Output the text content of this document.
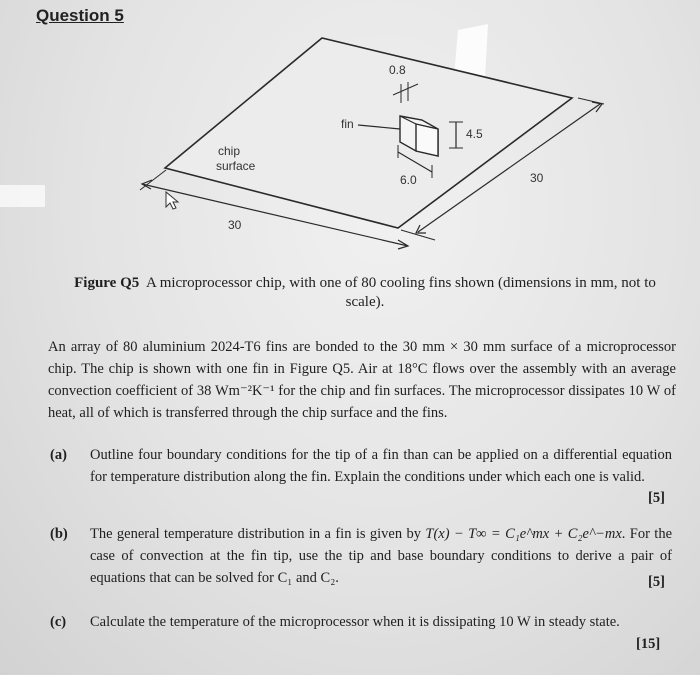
Question 5
0.8
4.5
6.0
fin
chip
surface
30
30
Figure Q5 A microprocessor chip, with one of 80 cooling fins shown (dimensions in mm, not to scale).
An array of 80 aluminium 2024-T6 fins are bonded to the 30 mm × 30 mm surface of a microprocessor chip. The chip is shown with one fin in Figure Q5. Air at 18°C flows over the assembly with an average convection coefficient of 38 Wm⁻²K⁻¹ for the chip and fin surfaces. The microprocessor dissipates 10 W of heat, all of which is transferred through the chip surface and the fins.
(a) Outline four boundary conditions for the tip of a fin than can be applied on a differential equation for temperature distribution along the fin. Explain the conditions under which each one is valid.
[5]
(b) The general temperature distribution in a fin is given by T(x) − T∞ = C₁e^mx + C₂e^−mx. For the case of convection at the fin tip, use the tip and base boundary conditions to derive a pair of equations that can be solved for C₁ and C₂.	[5]
(c) Calculate the temperature of the microprocessor when it is dissipating 10 W in steady state.
[15]
